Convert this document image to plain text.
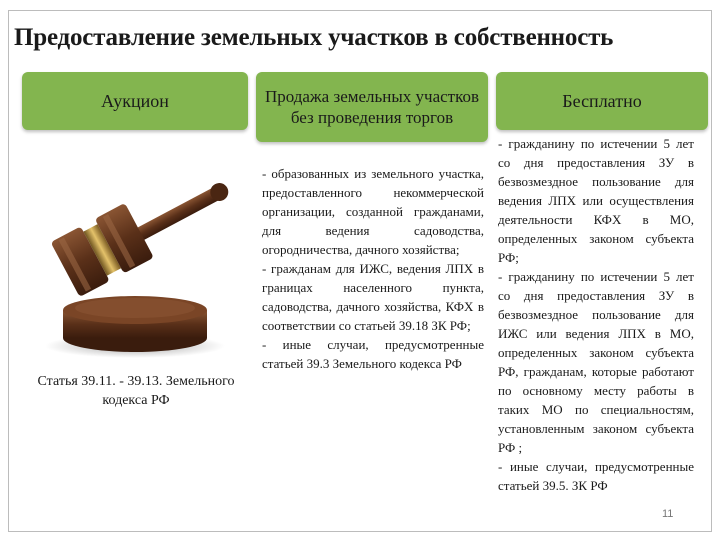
Предоставление земельных участков в собственность
Аукцион	Продажа земельных участков без проведения торгов
Бесплатно
Статья 39.11. - 39.13. Земельного кодекса РФ

- образованных из земельного участка, предоставленного некоммерческой организации, созданной гражданами, для ведения садоводства, огородничества, дачного хозяйства;

- гражданам для ИЖС, ведения ЛПХ в границах населенного пункта, садоводства, дачного хозяйства, КФХ в соответствии со статьей 39.18 ЗК РФ;

- иные случаи, предусмотренные статьей 39.3 Земельного кодекса РФ

- гражданину по истечении 5 лет со дня предоставления ЗУ в безвозмездное пользование для ведения ЛПХ или осуществления деятельности КФХ в МО, определенных законом субъекта РФ;

- гражданину по истечении 5 лет со дня предоставления ЗУ в безвозмездное пользование для ИЖС или ведения ЛПХ в МО, определенных законом субъекта РФ, гражданам, которые работают по основному месту работы в таких МО по специальностям, установленным законом субъекта РФ ;

- иные случаи, предусмотренные статьей 39.5. ЗК РФ

11
